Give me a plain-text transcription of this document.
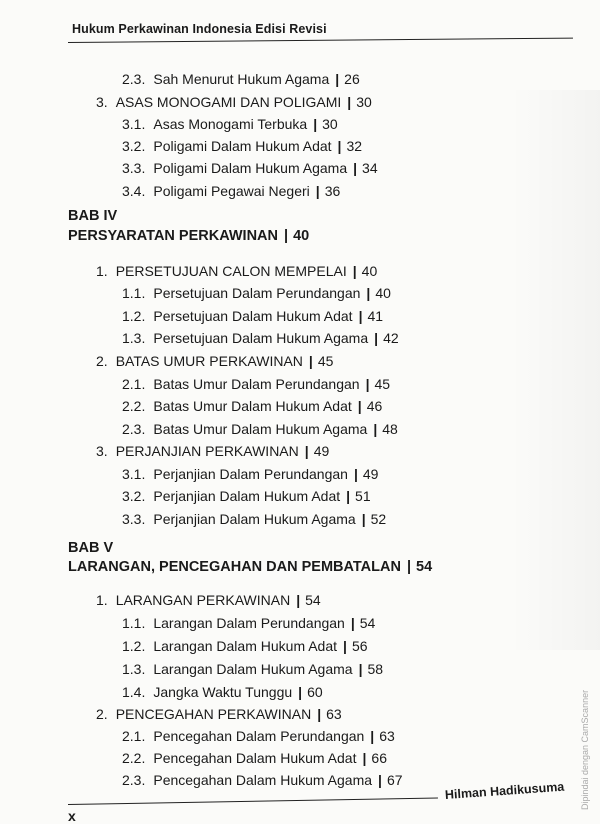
Hukum Perkawinan Indonesia Edisi Revisi
2.3. Sah Menurut Hukum Agama | 26
3. ASAS MONOGAMI DAN POLIGAMI | 30
3.1. Asas Monogami Terbuka | 30
3.2. Poligami Dalam Hukum Adat | 32
3.3. Poligami Dalam Hukum Agama | 34
3.4. Poligami Pegawai Negeri | 36
1. PERSETUJUAN CALON MEMPELAI | 40
1.1. Persetujuan Dalam Perundangan | 40
1.2. Persetujuan Dalam Hukum Adat | 41
1.3. Persetujuan Dalam Hukum Agama | 42
2. BATAS UMUR PERKAWINAN | 45
2.1. Batas Umur Dalam Perundangan | 45
2.2. Batas Umur Dalam Hukum Adat | 46
2.3. Batas Umur Dalam Hukum Agama | 48
3. PERJANJIAN PERKAWINAN | 49
3.1. Perjanjian Dalam Perundangan | 49
3.2. Perjanjian Dalam Hukum Adat | 51
3.3. Perjanjian Dalam Hukum Agama | 52
1. LARANGAN PERKAWINAN | 54
1.1. Larangan Dalam Perundangan | 54
1.2. Larangan Dalam Hukum Adat | 56
1.3. Larangan Dalam Hukum Agama | 58
1.4. Jangka Waktu Tunggu | 60
2. PENCEGAHAN PERKAWINAN | 63
2.1. Pencegahan Dalam Perundangan | 63
2.2. Pencegahan Dalam Hukum Adat | 66
2.3. Pencegahan Dalam Hukum Agama | 67
BAB IV
PERSYARATAN PERKAWINAN | 40
BAB V
LARANGAN, PENCEGAHAN DAN PEMBATALAN | 54
Hilman Hadikusuma
x
Dipindai dengan CamScanner
